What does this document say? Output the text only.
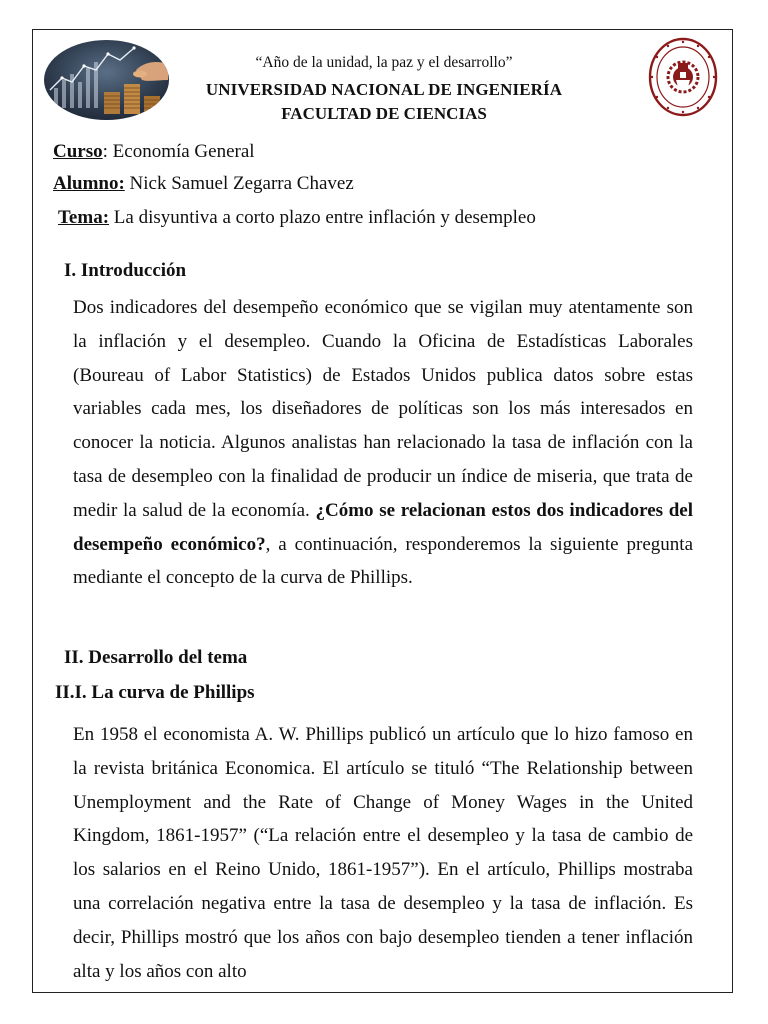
“Año de la unidad, la paz y el desarrollo”
UNIVERSIDAD NACIONAL DE INGENIERÍA
FACULTAD DE CIENCIAS
Curso: Economía General
Alumno: Nick Samuel Zegarra Chavez
Tema: La disyuntiva a corto plazo entre inflación y desempleo
I. Introducción

Dos indicadores del desempeño económico que se vigilan muy atentamente son la inflación y el desempleo. Cuando la Oficina de Estadísticas Laborales (Boureau of Labor Statistics) de Estados Unidos publica datos sobre estas variables cada mes, los diseñadores de políticas son los más interesados en conocer la noticia. Algunos analistas han relacionado la tasa de inflación con la tasa de desempleo con la finalidad de producir un índice de miseria, que trata de medir la salud de la economía. ¿Cómo se relacionan estos dos indicadores del desempeño económico?, a continuación, responderemos la siguiente pregunta mediante el concepto de la curva de Phillips.

II. Desarrollo del tema
II.I. La curva de Phillips

En 1958 el economista A. W. Phillips publicó un artículo que lo hizo famoso en la revista británica Economica. El artículo se tituló “The Relationship between Unemployment and the Rate of Change of Money Wages in the United Kingdom, 1861-1957” (“La relación entre el desempleo y la tasa de cambio de los salarios en el Reino Unido, 1861-1957”). En el artículo, Phillips mostraba una correlación negativa entre la tasa de desempleo y la tasa de inflación. Es decir, Phillips mostró que los años con bajo desempleo tienden a tener inflación alta y los años con alto
